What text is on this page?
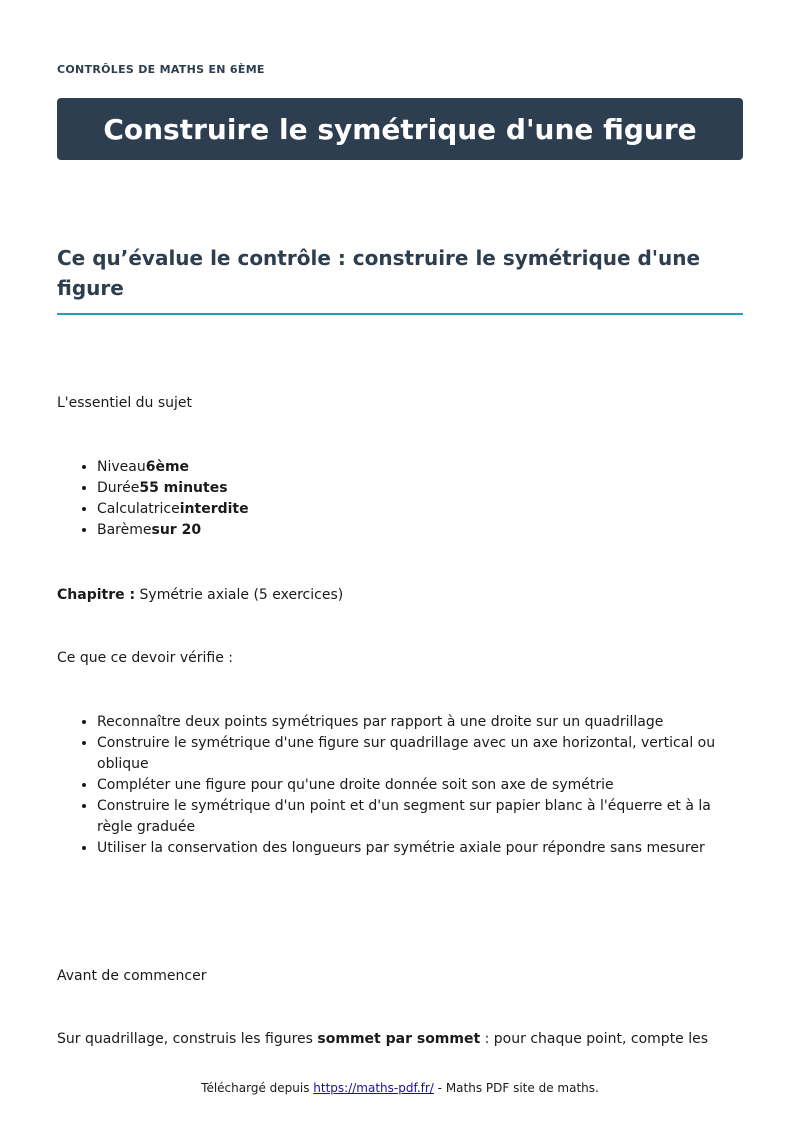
CONTRÔLES DE MATHS EN 6ÈME
Construire le symétrique d'une figure
Ce qu’évalue le contrôle : construire le symétrique d'une figure

L'essentiel du sujet

• Niveau6ème
• Durée55 minutes
• Calculatriceinterdite
• Barèmesur 20

Chapitre : Symétrie axiale (5 exercices)

Ce que ce devoir vérifie :

• Reconnaître deux points symétriques par rapport à une droite sur un quadrillage
• Construire le symétrique d'une figure sur quadrillage avec un axe horizontal, vertical ou oblique
• Compléter une figure pour qu'une droite donnée soit son axe de symétrie
• Construire le symétrique d'un point et d'un segment sur papier blanc à l'équerre et à la règle graduée
• Utiliser la conservation des longueurs par symétrie axiale pour répondre sans mesurer

Avant de commencer

Sur quadrillage, construis les figures sommet par sommet : pour chaque point, compte les

Téléchargé depuis https://maths-pdf.fr/ - Maths PDF site de maths.
